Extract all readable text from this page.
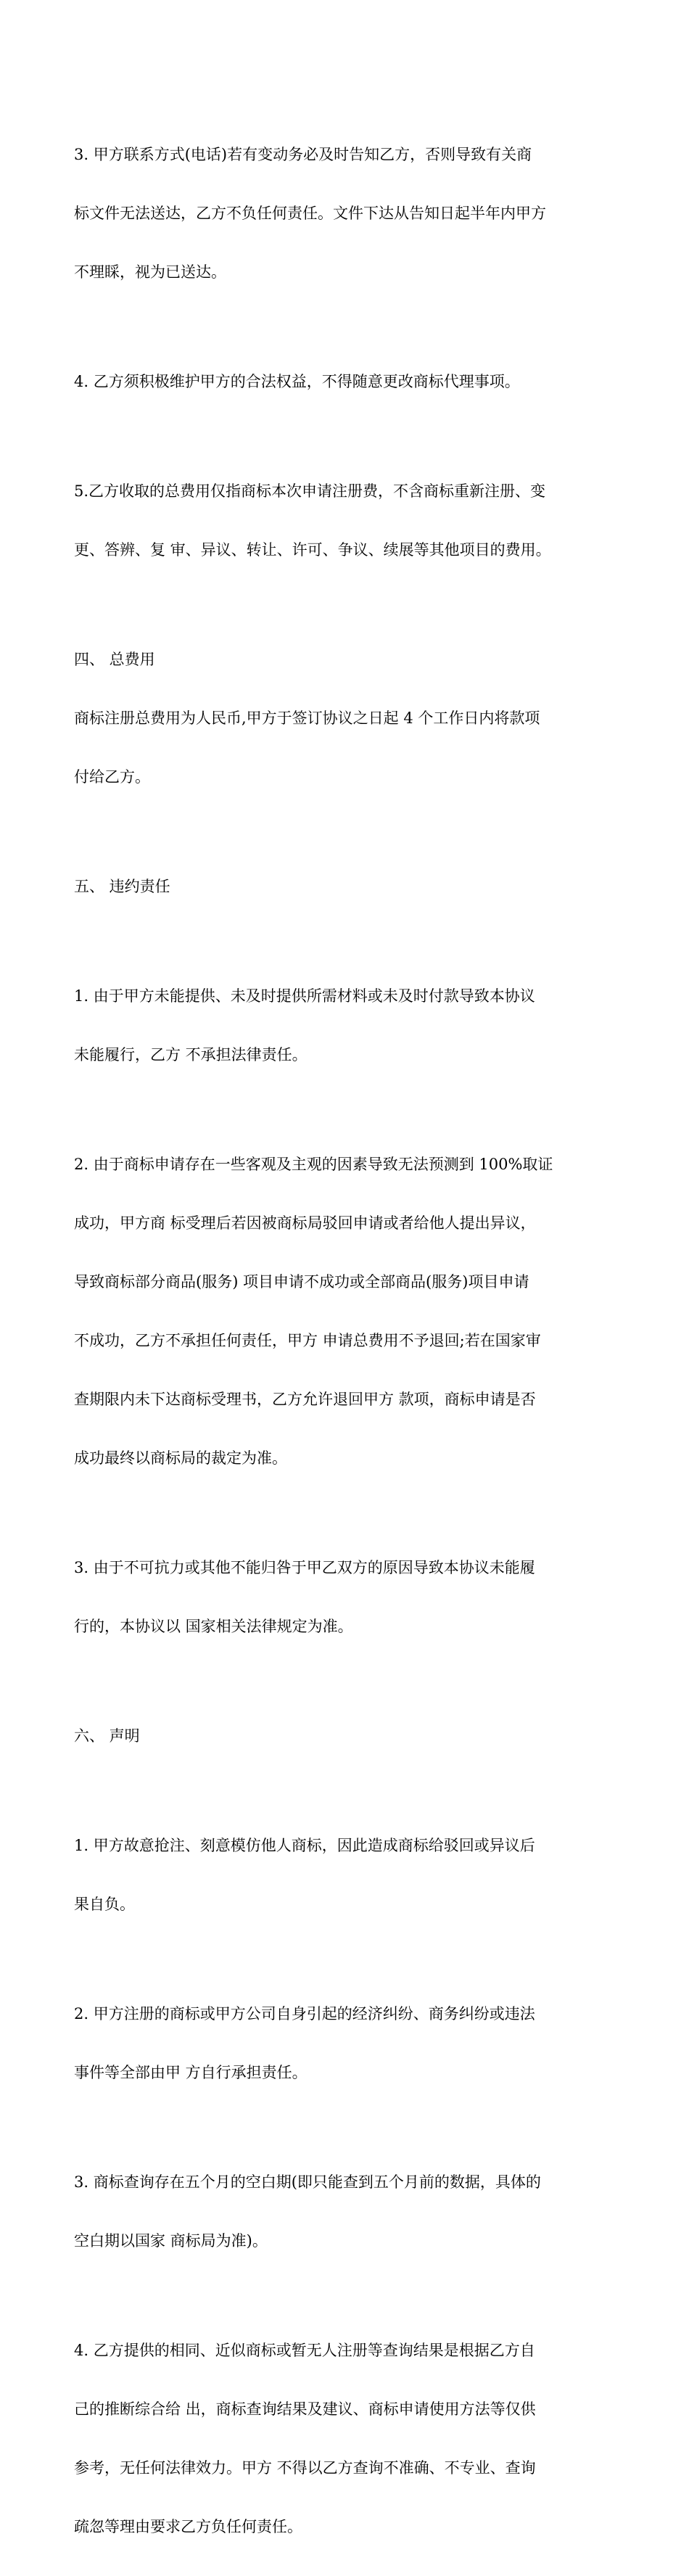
3. 甲方联系方式(电话)若有变动务必及时告知乙方，否则导致有关商

标文件无法送达，乙方不负任何责任。文件下达从告知日起半年内甲方

不理睬，视为已送达。

4. 乙方须积极维护甲方的合法权益，不得随意更改商标代理事项。

5.乙方收取的总费用仅指商标本次申请注册费，不含商标重新注册、变

更、答辨、复 审、异议、转让、许可、争议、续展等其他项目的费用。

四、 总费用

商标注册总费用为人民币,甲方于签订协议之日起 4 个工作日内将款项

付给乙方。

五、 违约责任

1. 由于甲方未能提供、未及时提供所需材料或未及时付款导致本协议

未能履行，乙方 不承担法律责任。

2. 由于商标申请存在一些客观及主观的因素导致无法预测到 100%取证

成功，甲方商 标受理后若因被商标局驳回申请或者给他人提出异议，

导致商标部分商品(服务) 项目申请不成功或全部商品(服务)项目申请

不成功，乙方不承担任何责任，甲方 申请总费用不予退回;若在国家审

查期限内未下达商标受理书，乙方允许退回甲方 款项，商标申请是否

成功最终以商标局的裁定为准。

3. 由于不可抗力或其他不能归咎于甲乙双方的原因导致本协议未能履

行的，本协议以 国家相关法律规定为准。

六、 声明

1. 甲方故意抢注、刻意模仿他人商标，因此造成商标给驳回或异议后

果自负。

2. 甲方注册的商标或甲方公司自身引起的经济纠纷、商务纠纷或违法

事件等全部由甲 方自行承担责任。

3. 商标查询存在五个月的空白期(即只能查到五个月前的数据，具体的

空白期以国家 商标局为准)。

4. 乙方提供的相同、近似商标或暂无人注册等查询结果是根据乙方自

己的推断综合给 出，商标查询结果及建议、商标申请使用方法等仅供

参考，无任何法律效力。甲方 不得以乙方查询不准确、不专业、查询

疏忽等理由要求乙方负任何责任。
